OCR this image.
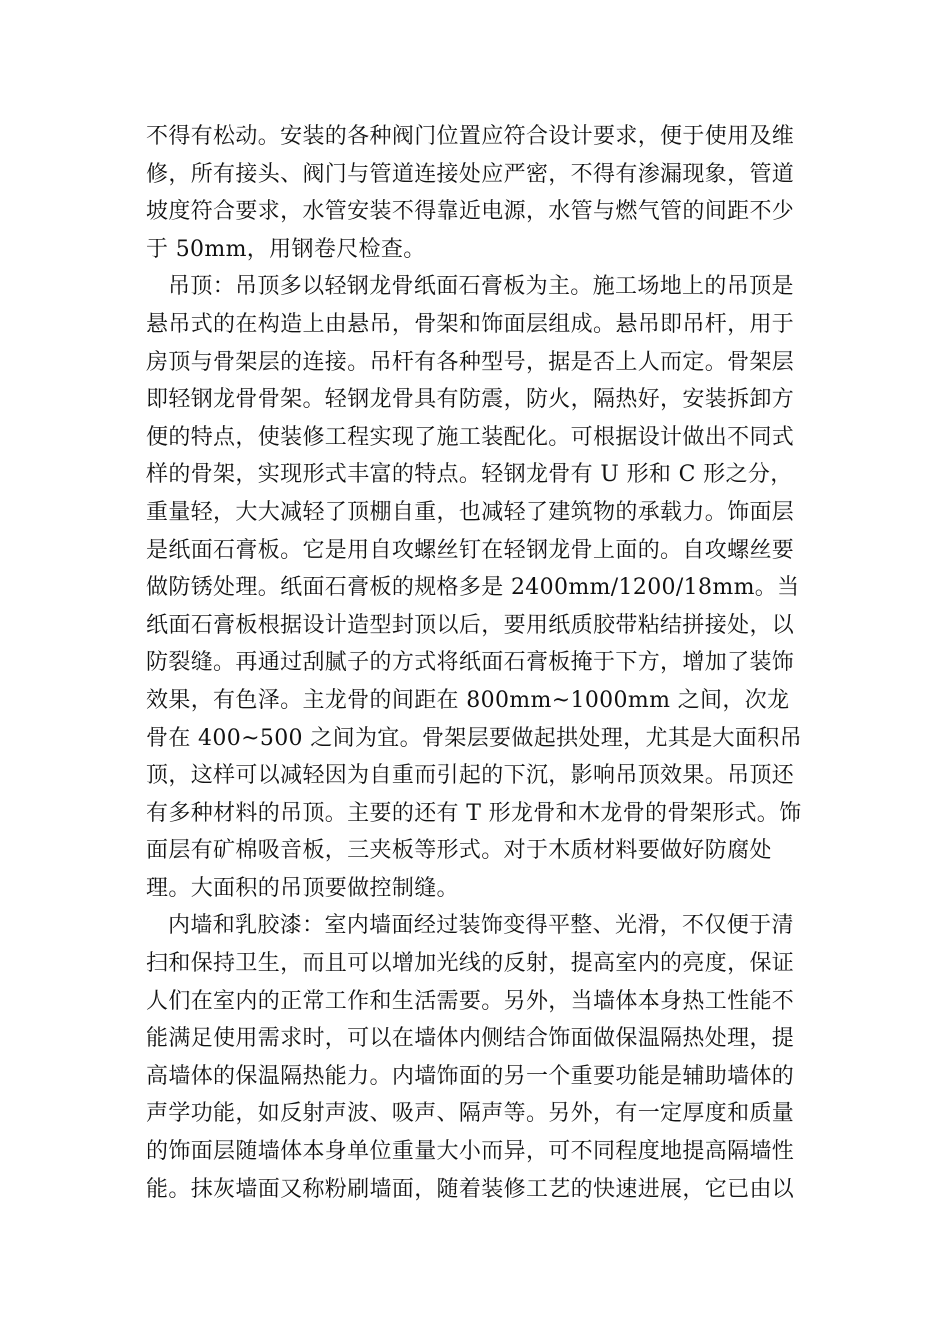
不得有松动。安装的各种阀门位置应符合设计要求，便于使用及维修，所有接头、阀门与管道连接处应严密，不得有渗漏现象，管道坡度符合要求，水管安装不得靠近电源，水管与燃气管的间距不少于 50mm，用钢卷尺检查。

吊顶：吊顶多以轻钢龙骨纸面石膏板为主。施工场地上的吊顶是悬吊式的在构造上由悬吊，骨架和饰面层组成。悬吊即吊杆，用于房顶与骨架层的连接。吊杆有各种型号，据是否上人而定。骨架层即轻钢龙骨骨架。轻钢龙骨具有防震，防火，隔热好，安装拆卸方便的特点，使装修工程实现了施工装配化。可根据设计做出不同式样的骨架，实现形式丰富的特点。轻钢龙骨有 U 形和 C 形之分，重量轻，大大减轻了顶棚自重，也减轻了建筑物的承载力。饰面层是纸面石膏板。它是用自攻螺丝钉在轻钢龙骨上面的。自攻螺丝要做防锈处理。纸面石膏板的规格多是 2400mm/1200/18mm。当纸面石膏板根据设计造型封顶以后，要用纸质胶带粘结拼接处，以防裂缝。再通过刮腻子的方式将纸面石膏板掩于下方，增加了装饰效果，有色泽。主龙骨的间距在 800mm~1000mm 之间，次龙骨在 400~500 之间为宜。骨架层要做起拱处理，尤其是大面积吊顶，这样可以减轻因为自重而引起的下沉，影响吊顶效果。吊顶还有多种材料的吊顶。主要的还有 T 形龙骨和木龙骨的骨架形式。饰面层有矿棉吸音板，三夹板等形式。对于木质材料要做好防腐处理。大面积的吊顶要做控制缝。

内墙和乳胶漆：室内墙面经过装饰变得平整、光滑，不仅便于清扫和保持卫生，而且可以增加光线的反射，提高室内的亮度，保证人们在室内的正常工作和生活需要。另外，当墙体本身热工性能不能满足使用需求时，可以在墙体内侧结合饰面做保温隔热处理，提高墙体的保温隔热能力。内墙饰面的另一个重要功能是辅助墙体的声学功能，如反射声波、吸声、隔声等。另外，有一定厚度和质量的饰面层随墙体本身单位重量大小而异，可不同程度地提高隔墙性能。抹灰墙面又称粉刷墙面，随着装修工艺的快速进展，它已由以
